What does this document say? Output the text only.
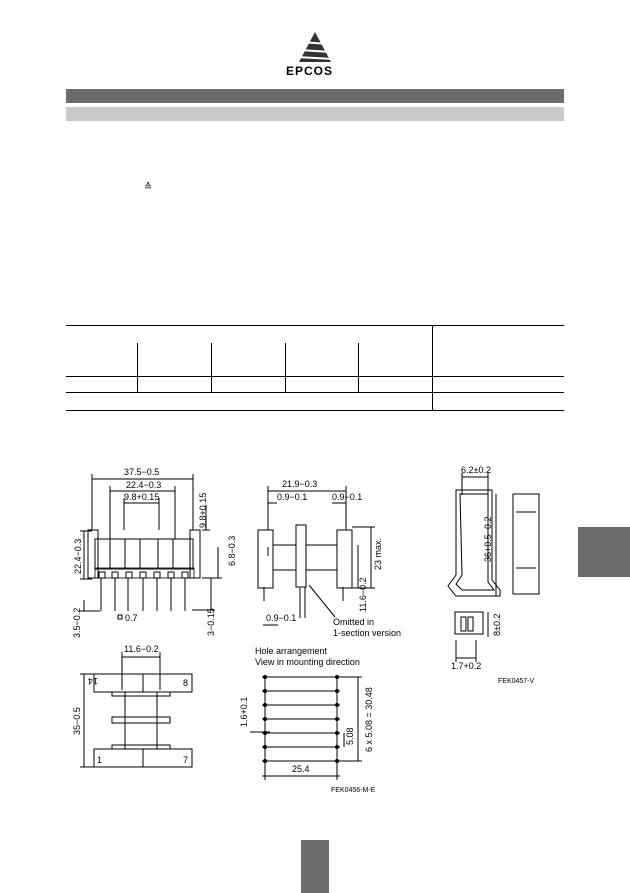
EPCOS
≙
37.5−0.5
22.4−0.3
9.8+0.15	9.8+0.15
22.4−0.3	6.8−0.3
3.5−0.2	3−0.15
0.7
21.9−0.3
0.9−0.1	0.9−0.1
23 max.
11.6−0.2
0.9−0.1	Omitted in
1-section version
11.6−0.2
35−0.5
14	8
1	7
Hole arrangement
View in mounting direction
1.6+0.1
5.08 6 x 5.08 = 30.48
25.4
6.2±0.2
36+0.5−0.2
8±0.2
1.7+0.2
FEK0457-V
FEK0456-M-E
